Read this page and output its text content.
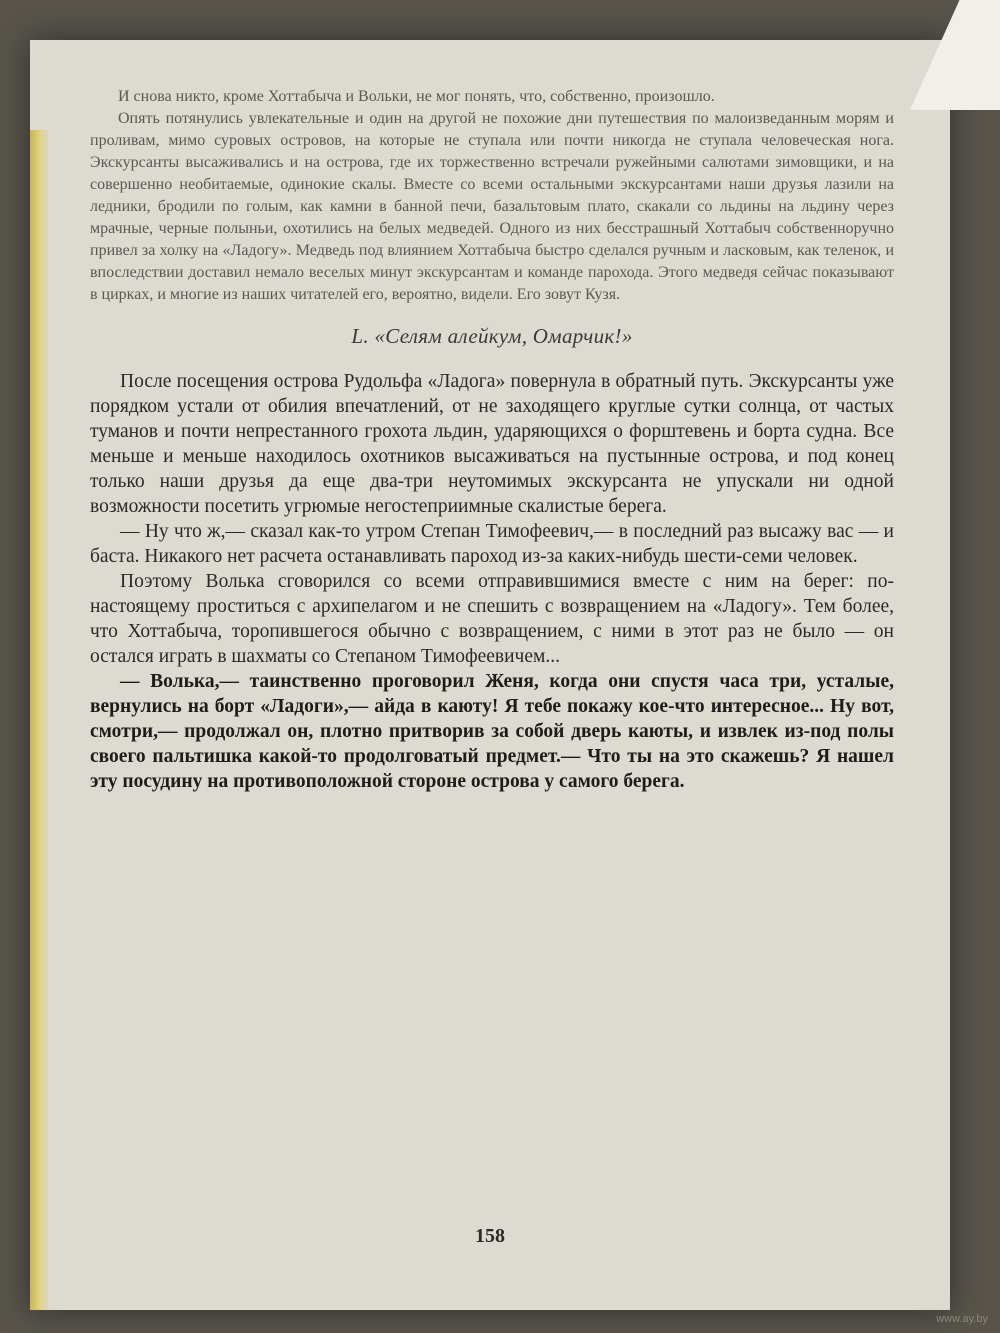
И снова никто, кроме Хоттабыча и Вольки, не мог понять, что, собственно, произошло.

Опять потянулись увлекательные и один на другой не похожие дни путешествия по малоизведанным морям и проливам, мимо суровых островов, на которые не ступала или почти никогда не ступала человеческая нога. Экскурсанты высаживались и на острова, где их торжественно встречали ружейными салютами зимовщики, и на совершенно необитаемые, одинокие скалы. Вместе со всеми остальными экскурсантами наши друзья лазили на ледники, бродили по голым, как камни в банной печи, базальтовым плато, скакали со льдины на льдину через мрачные, черные полыньи, охотились на белых медведей. Одного из них бесстрашный Хоттабыч собственноручно привел за холку на «Ладогу». Медведь под влиянием Хоттабыча быстро сделался ручным и ласковым, как теленок, и впоследствии доставил немало веселых минут экскурсантам и команде парохода. Этого медведя сейчас показывают в цирках, и многие из наших читателей его, вероятно, видели. Его зовут Кузя.

L. «Селям алейкум, Омарчик!»

После посещения острова Рудольфа «Ладога» повернула в обратный путь. Экскурсанты уже порядком устали от обилия впечатлений, от не заходящего круглые сутки солнца, от частых туманов и почти непрестанного грохота льдин, ударяющихся о форштевень и борта судна. Все меньше и меньше находилось охотников высаживаться на пустынные острова, и под конец только наши друзья да еще два-три неутомимых экскурсанта не упускали ни одной возможности посетить угрюмые негостеприимные скалистые берега.

— Ну что ж,— сказал как-то утром Степан Тимофеевич,— в последний раз высажу вас — и баста. Никакого нет расчета останавливать пароход из-за каких-нибудь шести-семи человек.

Поэтому Волька сговорился со всеми отправившимися вместе с ним на берег: по-настоящему проститься с архипелагом и не спешить с возвращением на «Ладогу». Тем более, что Хоттабыча, торопившегося обычно с возвращением, с ними в этот раз не было — он остался играть в шахматы со Степаном Тимофеевичем...

— Волька,— таинственно проговорил Женя, когда они спустя часа три, усталые, вернулись на борт «Ладоги»,— айда в каюту! Я тебе покажу кое-что интересное... Ну вот, смотри,— продолжал он, плотно притворив за собой дверь каюты, и извлек из-под полы своего пальтишка какой-то продолговатый предмет.— Что ты на это скажешь? Я нашел эту посудину на противоположной стороне острова у самого берега.

158
www.ay.by
